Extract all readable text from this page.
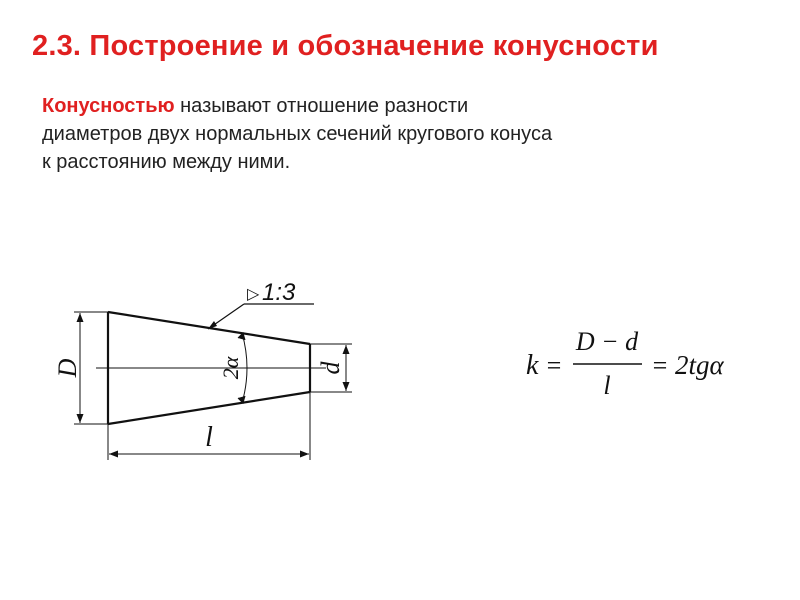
2.3. Построение и обозначение конусности
Конусностью называют отношение разности
диаметров двух нормальных сечений кругового конуса
к расстоянию между ними.
D	d
l
2α
▷ 1:3
k =
D − d
l
= 2tgα
